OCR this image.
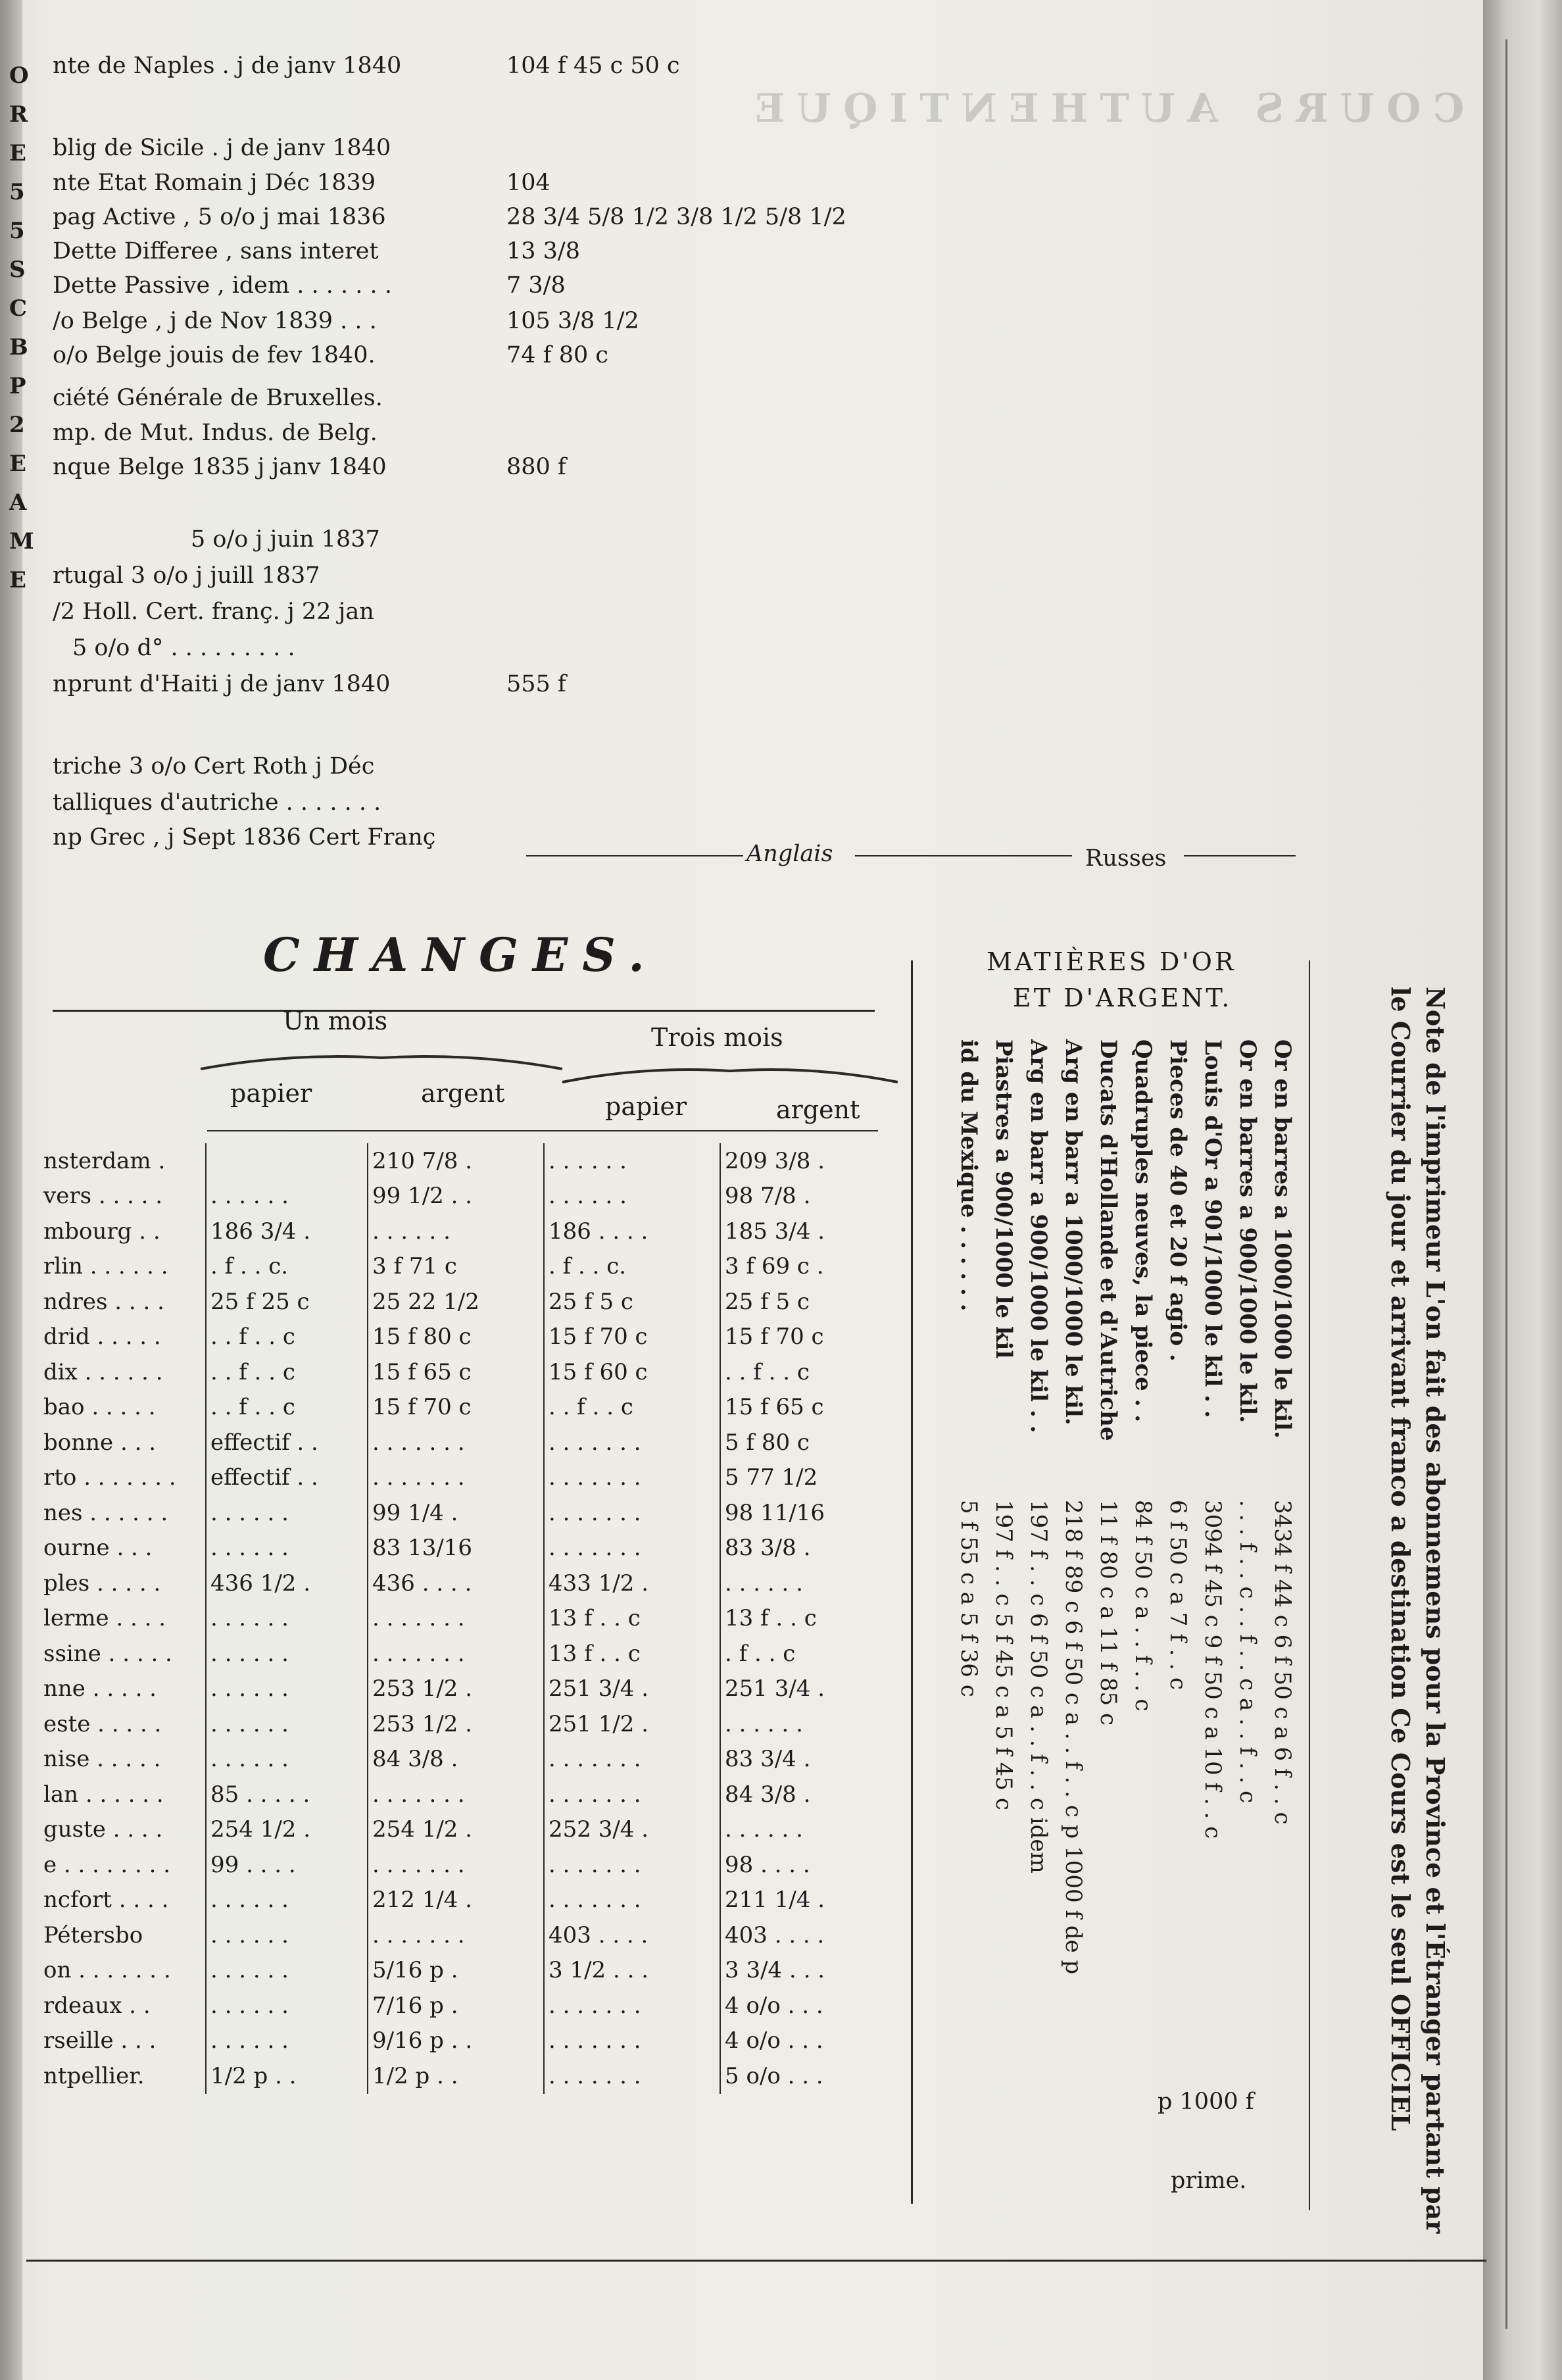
COURS AUTHENTIQUE
O
R
E
5
5
S
C
B
P
2
E
A
M
E
nte de Naples . j de janv 1840	104 f 45 c 50 c
blig de Sicile . j de janv 1840
nte Etat Romain j Déc 1839	104
pag Active , 5 o/o j mai 1836	28 3/4 5/8 1/2 3/8 1/2 5/8 1/2
Dette Differee , sans interet	13 3/8
Dette Passive , idem . . . . . . .	7 3/8
/o Belge , j de Nov 1839 . . .	105 3/8 1/2
o/o Belge jouis de fev 1840.	74 f 80 c
ciété Générale de Bruxelles.
mp. de Mut. Indus. de Belg.
nque Belge 1835 j janv 1840	880 f
5 o/o j juin 1837
rtugal 3 o/o j juill 1837
/2 Holl. Cert. franç. j 22 jan
5 o/o d° . . . . . . . . .
nprunt d'Haiti j de janv 1840	555 f
triche 3 o/o Cert Roth j Déc
talliques d'autriche . . . . . . .
np Grec , j Sept 1836 Cert Franç
Anglais	Russes
CHANGES.
Un mois
Trois mois
papier	argent	papier	argent
nsterdam .		210 7/8 .	. . . . . .	209 3/8 .
vers . . . . .	. . . . . .	99 1/2 . .	. . . . . .	98 7/8 .
mbourg . .	186 3/4 .	. . . . . .	186 . . . .	185 3/4 .
rlin . . . . . .	. f . . c.	3 f 71 c	. f . . c.	3 f 69 c .
ndres . . . .	25 f 25 c	25 22 1/2	25 f 5 c	25 f 5 c
drid . . . . .	. . f . . c	15 f 80 c	15 f 70 c	15 f 70 c
dix . . . . . .	. . f . . c	15 f 65 c	15 f 60 c	. . f . . c
bao . . . . .	. . f . . c	15 f 70 c	. . f . . c	15 f 65 c
bonne . . .	effectif . .	. . . . . . .	. . . . . . .	5 f 80 c
rto . . . . . . .	effectif . .	. . . . . . .	. . . . . . .	5 77 1/2
nes . . . . . .	. . . . . .	99 1/4 .	. . . . . . .	98 11/16
ourne . . .	. . . . . .	83 13/16	. . . . . . .	83 3/8 .
ples . . . . .	436 1/2 .	436 . . . .	433 1/2 .	. . . . . .
lerme . . . .	. . . . . .	. . . . . . .	13 f . . c	13 f . . c
ssine . . . . .	. . . . . .	. . . . . . .	13 f . . c	. f . . c
nne . . . . .	. . . . . .	253 1/2 .	251 3/4 .	251 3/4 .
este . . . . .	. . . . . .	253 1/2 .	251 1/2 .	. . . . . .
nise . . . . .	. . . . . .	84 3/8 .	. . . . . . .	83 3/4 .
lan . . . . . .	85 . . . . .	. . . . . . .	. . . . . . .	84 3/8 .
guste . . . .	254 1/2 .	254 1/2 .	252 3/4 .	. . . . . .
e . . . . . . . .	99 . . . .	. . . . . . .	. . . . . . .	98 . . . .
ncfort . . . .	. . . . . .	212 1/4 .	. . . . . . .	211 1/4 .
Pétersbo	. . . . . .	. . . . . . .	403 . . . .	403 . . . .
on . . . . . . .	. . . . . .	5/16 p .	3 1/2 . . .	3 3/4 . . .
rdeaux . .	. . . . . .	7/16 p .	. . . . . . .	4 o/o . . .
rseille . . .	. . . . . .	9/16 p . .	. . . . . . .	4 o/o . . .
ntpellier.	1/2 p . .	1/2 p . .	. . . . . . .	5 o/o . . .
MATIÈRES D'OR
ET D'ARGENT.
Or en barres a 1000/1000 le kil.
3434 f 44 c 6 f 50 c a 6 f . . c
Or en barres a 900/1000 le kil.
. . . f . . c . . f . . c a . . f . . c
Louis d'Or a 901/1000 le kil . .
3094 f 45 c 9 f 50 c a 10 f . . c
Pieces de 40 et 20 f agio .
6 f 50 c a 7 f . . c
Quadruples neuves, la piece . .
84 f 50 c a . . f . . c
Ducats d'Hollande et d'Autriche
11 f 80 c a 11 f 85 c
Arg en barr a 1000/1000 le kil.
218 f 89 c 6 f 50 c a . . f . . c p 1000 f de p
Arg en barr a 900/1000 le kil . .
197 f . . c 6 f 50 c a . . f . . c idem
Piastres a 900/1000 le kil
197 f . . c 5 f 45 c a 5 f 45 c
id du Mexique . . . . . .
5 f 55 c a 5 f 36 c
p 1000 f
prime.	Note de l'imprimeur L'on fait des abonnemens pour la Province et l'Étranger partant par
le Courrier du jour et arrivant franco a destination Ce Cours est le seul OFFICIEL
